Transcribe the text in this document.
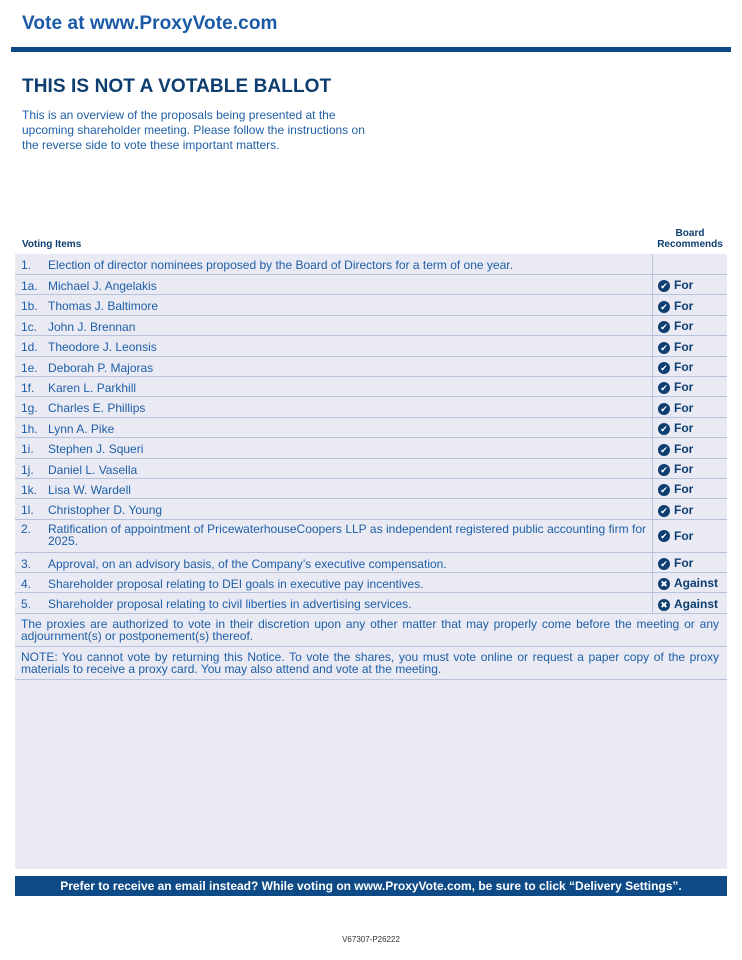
Vote at www.ProxyVote.com
THIS IS NOT A VOTABLE BALLOT
This is an overview of the proposals being presented at the upcoming shareholder meeting. Please follow the instructions on the reverse side to vote these important matters.
Voting Items
Board
Recommends
1.	Election of director nominees proposed by the Board of Directors for a term of one year.
1a. Michael J. Angelakis	✔ For
1b. Thomas J. Baltimore	✔ For
1c. John J. Brennan	✔ For
1d. Theodore J. Leonsis	✔ For
1e. Deborah P. Majoras	✔ For
1f.	Karen L. Parkhill	✔ For
1g. Charles E. Phillips	✔ For
1h. Lynn A. Pike	✔ For
1i.	Stephen J. Squeri	✔ For
1j.	Daniel L. Vasella	✔ For
1k. Lisa W. Wardell	✔ For
1l.	Christopher D. Young	✔ For
2.	Ratification of appointment of PricewaterhouseCoopers LLP as independent registered public accounting firm for 2025.	✔ For
3.	Approval, on an advisory basis, of the Company’s executive compensation.	✔ For
4.	Shareholder proposal relating to DEI goals in executive pay incentives.	✖ Against
5.	Shareholder proposal relating to civil liberties in advertising services.	✖ Against
The proxies are authorized to vote in their discretion upon any other matter that may properly come before the meeting or any adjournment(s) or postponement(s) thereof.
NOTE: You cannot vote by returning this Notice. To vote the shares, you must vote online or request a paper copy of the proxy materials to receive a proxy card. You may also attend and vote at the meeting.
Prefer to receive an email instead? While voting on www.ProxyVote.com, be sure to click “Delivery Settings”.
V67307-P26222
